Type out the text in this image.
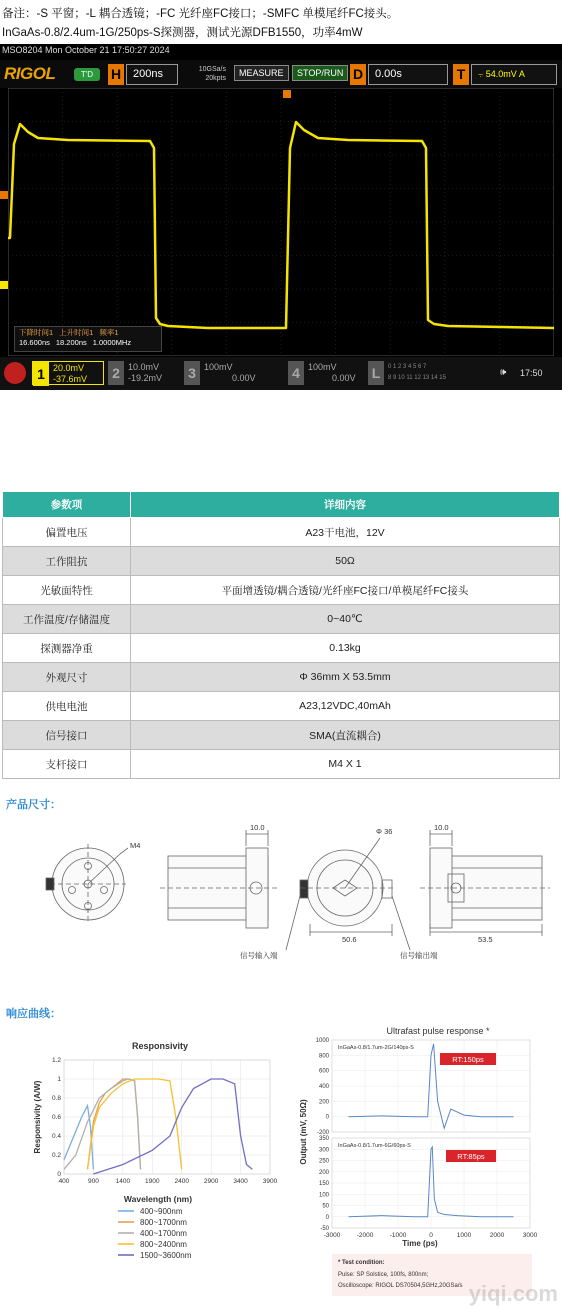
备注：-S 平窗；-L 耦合透镜；-FC 光纤座FC接口；-SMFC 单模尾纤FC接头。
InGaAs-0.8/2.4um-1G/250ps-S探测器，测试光源DFB1550，功率4mW
MSO8204 Mon October 21 17:50:27 2024
RIGOL	T'D	H	200ns	10GSa/s
20kpts
MEASURE	STOP/RUN D	0.00s	T	⨪ 54.0mV A
下降时间1 上升时间1 频率1
16.600ns 18.200ns 1.0000MHz
1 20.0mV
-37.6mV 2 10.0mV
-19.2mV 3 100mV
0.00V	4 100mV
0.00V L	0 1 2 3 4 5 6 7
8 9 10 11 12 13 14 15	17:50
🕪
参数项	详细内容
偏置电压	A23干电池，12V
工作阻抗	50Ω
光敏面特性	平面增透镜/耦合透镜/光纤座FC接口/单模尾纤FC接头
工作温度/存储温度	0~40℃
探测器净重	0.13kg
外观尺寸	Φ 36mm X 53.5mm
供电电池	A23,12VDC,40mAh
信号接口	SMA(直流耦合)
支杆接口	M4 X 1
产品尺寸：
M4
10.0	Φ 36	10.0
50.6	53.5
信号输入端	信号输出端
响应曲线：
Responsivity
0
0.2
0.4
0.6
0.8
1
1.2
400	900	1400 1900 2400 2900 3400 3900
Responsivity (A/W)
Wavelength (nm)
400~900nm
800~1700nm
400~1700nm
800~2400nm
1500~3600nm
Ultrafast pulse response *
-200
0
200
400
600
800
1000
-50
0
50
100
150
200
250
300
350
-3000	-2000	-1000	0	1000	2000	3000
InGaAs-0.8/1.7um-2G/140ps-S
InGaAs-0.8/1.7um-6G/60ps-S
RT:150ps
RT:85ps
Output (mV, 50Ω)
Time (ps)
* Test condition:
Pulse: SP Solstice, 100fs, 800nm;
Oscilloscope: RIGOL DS70504,5GHz,20GSa/s yiqi.com
